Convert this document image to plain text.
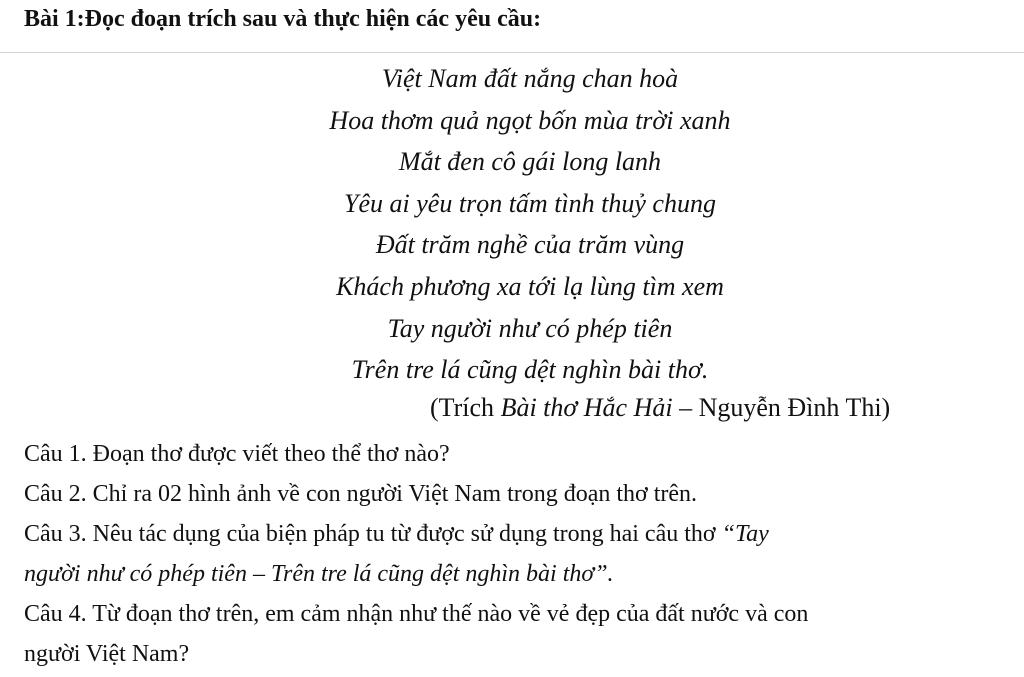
Bài 1:Đọc đoạn trích sau và thực hiện các yêu cầu:
Việt Nam đất nắng chan hoà
Hoa thơm quả ngọt bốn mùa trời xanh
Mắt đen cô gái long lanh
Yêu ai yêu trọn tấm tình thuỷ chung
Đất trăm nghề của trăm vùng
Khách phương xa tới lạ lùng tìm xem
Tay người như có phép tiên
Trên tre lá cũng dệt nghìn bài thơ.
(Trích Bài thơ Hắc Hải – Nguyễn Đình Thi)
Câu 1. Đoạn thơ được viết theo thể thơ nào?
Câu 2. Chỉ ra 02 hình ảnh về con người Việt Nam trong đoạn thơ trên.
Câu 3. Nêu tác dụng của biện pháp tu từ được sử dụng trong hai câu thơ “Tay
người như có phép tiên – Trên tre lá cũng dệt nghìn bài thơ”.
Câu 4. Từ đoạn thơ trên, em cảm nhận như thế nào về vẻ đẹp của đất nước và con
người Việt Nam?
